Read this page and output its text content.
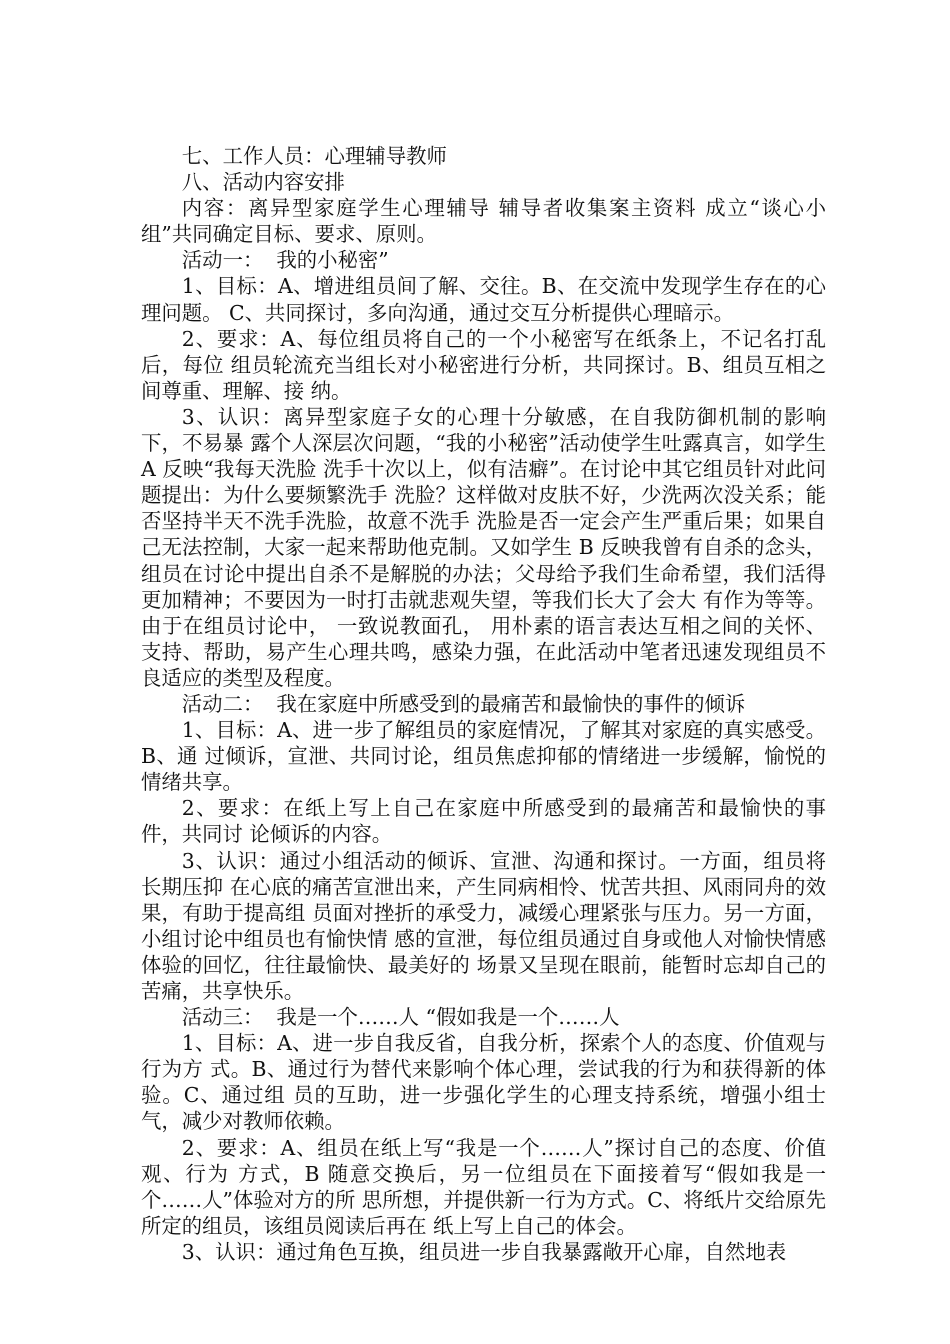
七、工作人员：心理辅导教师

八、活动内容安排

内容：离异型家庭学生心理辅导 辅导者收集案主资料 成立“谈心小组”共同确定目标、要求、原则。

活动一：  我的小秘密”

1、目标：A、增进组员间了解、交往。B、在交流中发现学生存在的心理问题。 C、共同探讨，多向沟通，通过交互分析提供心理暗示。

2、要求：A、每位组员将自己的一个小秘密写在纸条上，不记名打乱后，每位 组员轮流充当组长对小秘密进行分析，共同探讨。B、组员互相之间尊重、理解、接 纳。

3、认识：离异型家庭子女的心理十分敏感，在自我防御机制的影响下，不易暴 露个人深层次问题，“我的小秘密”活动使学生吐露真言，如学生 A 反映“我每天洗脸 洗手十次以上，似有洁癖”。在讨论中其它组员针对此问题提出：为什么要频繁洗手 洗脸？这样做对皮肤不好，少洗两次没关系；能否坚持半天不洗手洗脸，故意不洗手 洗脸是否一定会产生严重后果；如果自己无法控制，大家一起来帮助他克制。又如学生 B 反映我曾有自杀的念头，组员在讨论中提出自杀不是解脱的办法；父母给予我们生命希望，我们活得更加精神；不要因为一时打击就悲观失望，等我们长大了会大 有作为等等。 由于在组员讨论中， 一致说教面孔， 用朴素的语言表达互相之间的关怀、支持、帮助，易产生心理共鸣，感染力强，在此活动中笔者迅速发现组员不良适应的类型及程度。

活动二：  我在家庭中所感受到的最痛苦和最愉快的事件的倾诉

1、目标：A、进一步了解组员的家庭情况，了解其对家庭的真实感受。B、通 过倾诉，宣泄、共同讨论，组员焦虑抑郁的情绪进一步缓解，愉悦的情绪共享。

2、要求：在纸上写上自己在家庭中所感受到的最痛苦和最愉快的事件，共同讨 论倾诉的内容。

3、认识：通过小组活动的倾诉、宣泄、沟通和探讨。一方面，组员将长期压抑 在心底的痛苦宣泄出来，产生同病相怜、忧苦共担、风雨同舟的效果，有助于提高组 员面对挫折的承受力，减缓心理紧张与压力。另一方面，小组讨论中组员也有愉快情 感的宣泄，每位组员通过自身或他人对愉快情感体验的回忆，往往最愉快、最美好的 场景又呈现在眼前，能暂时忘却自己的苦痛，共享快乐。

活动三：  我是一个……人 “假如我是一个……人

1、目标：A、进一步自我反省，自我分析，探索个人的态度、价值观与行为方 式。B、通过行为替代来影响个体心理，尝试我的行为和获得新的体验。C、通过组 员的互助，进一步强化学生的心理支持系统，增强小组士气，减少对教师依赖。

2、要求：A、组员在纸上写“我是一个……人”探讨自己的态度、价值观、行为 方式，B 随意交换后，另一位组员在下面接着写“假如我是一个……人”体验对方的所 思所想，并提供新一行为方式。C、将纸片交给原先所定的组员，该组员阅读后再在 纸上写上自己的体会。

3、认识：通过角色互换，组员进一步自我暴露敞开心扉，自然地表
